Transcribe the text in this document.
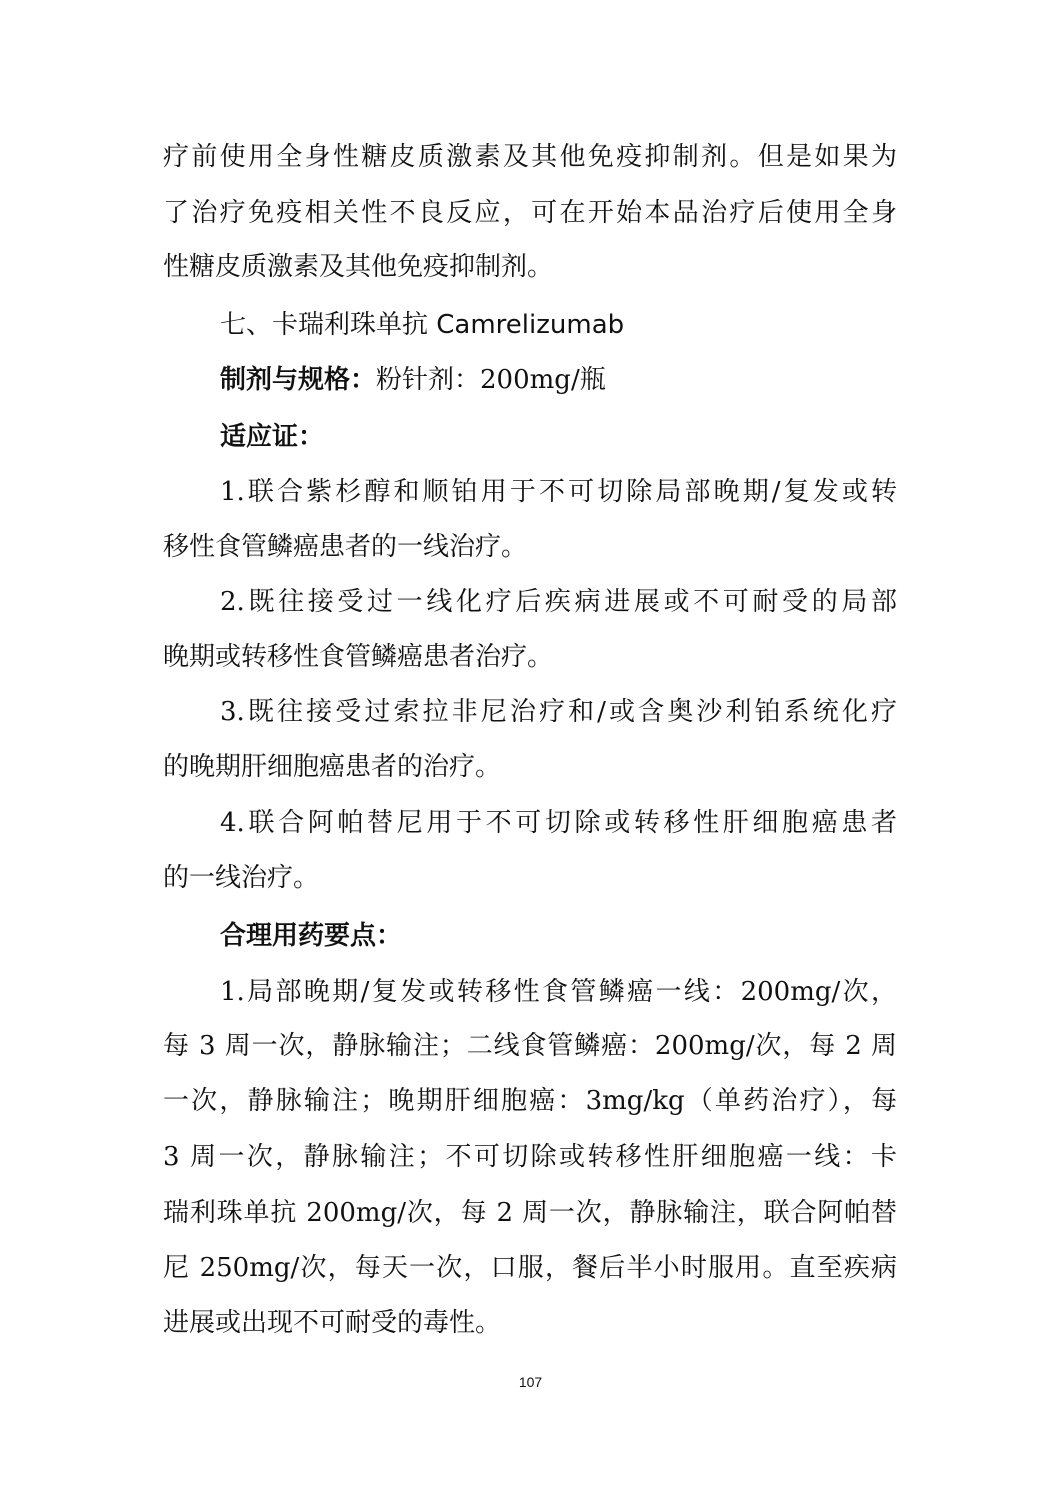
疗前使用全身性糖皮质激素及其他免疫抑制剂。但是如果为
了治疗免疫相关性不良反应，可在开始本品治疗后使用全身
性糖皮质激素及其他免疫抑制剂。
七、卡瑞利珠单抗 Camrelizumab
制剂与规格：粉针剂：200mg/瓶
适应证：
1.联合紫杉醇和顺铂用于不可切除局部晚期/复发或转
移性食管鳞癌患者的一线治疗。
2.既往接受过一线化疗后疾病进展或不可耐受的局部
晚期或转移性食管鳞癌患者治疗。
3.既往接受过索拉非尼治疗和/或含奥沙利铂系统化疗
的晚期肝细胞癌患者的治疗。
4.联合阿帕替尼用于不可切除或转移性肝细胞癌患者
的一线治疗。
合理用药要点：
1.局部晚期/复发或转移性食管鳞癌一线：200mg/次，
每 3 周一次，静脉输注；二线食管鳞癌：200mg/次，每 2 周
一次，静脉输注；晚期肝细胞癌：3mg/kg（单药治疗），每
3 周一次，静脉输注；不可切除或转移性肝细胞癌一线：卡
瑞利珠单抗 200mg/次，每 2 周一次，静脉输注，联合阿帕替
尼 250mg/次，每天一次，口服，餐后半小时服用。直至疾病
进展或出现不可耐受的毒性。
107
